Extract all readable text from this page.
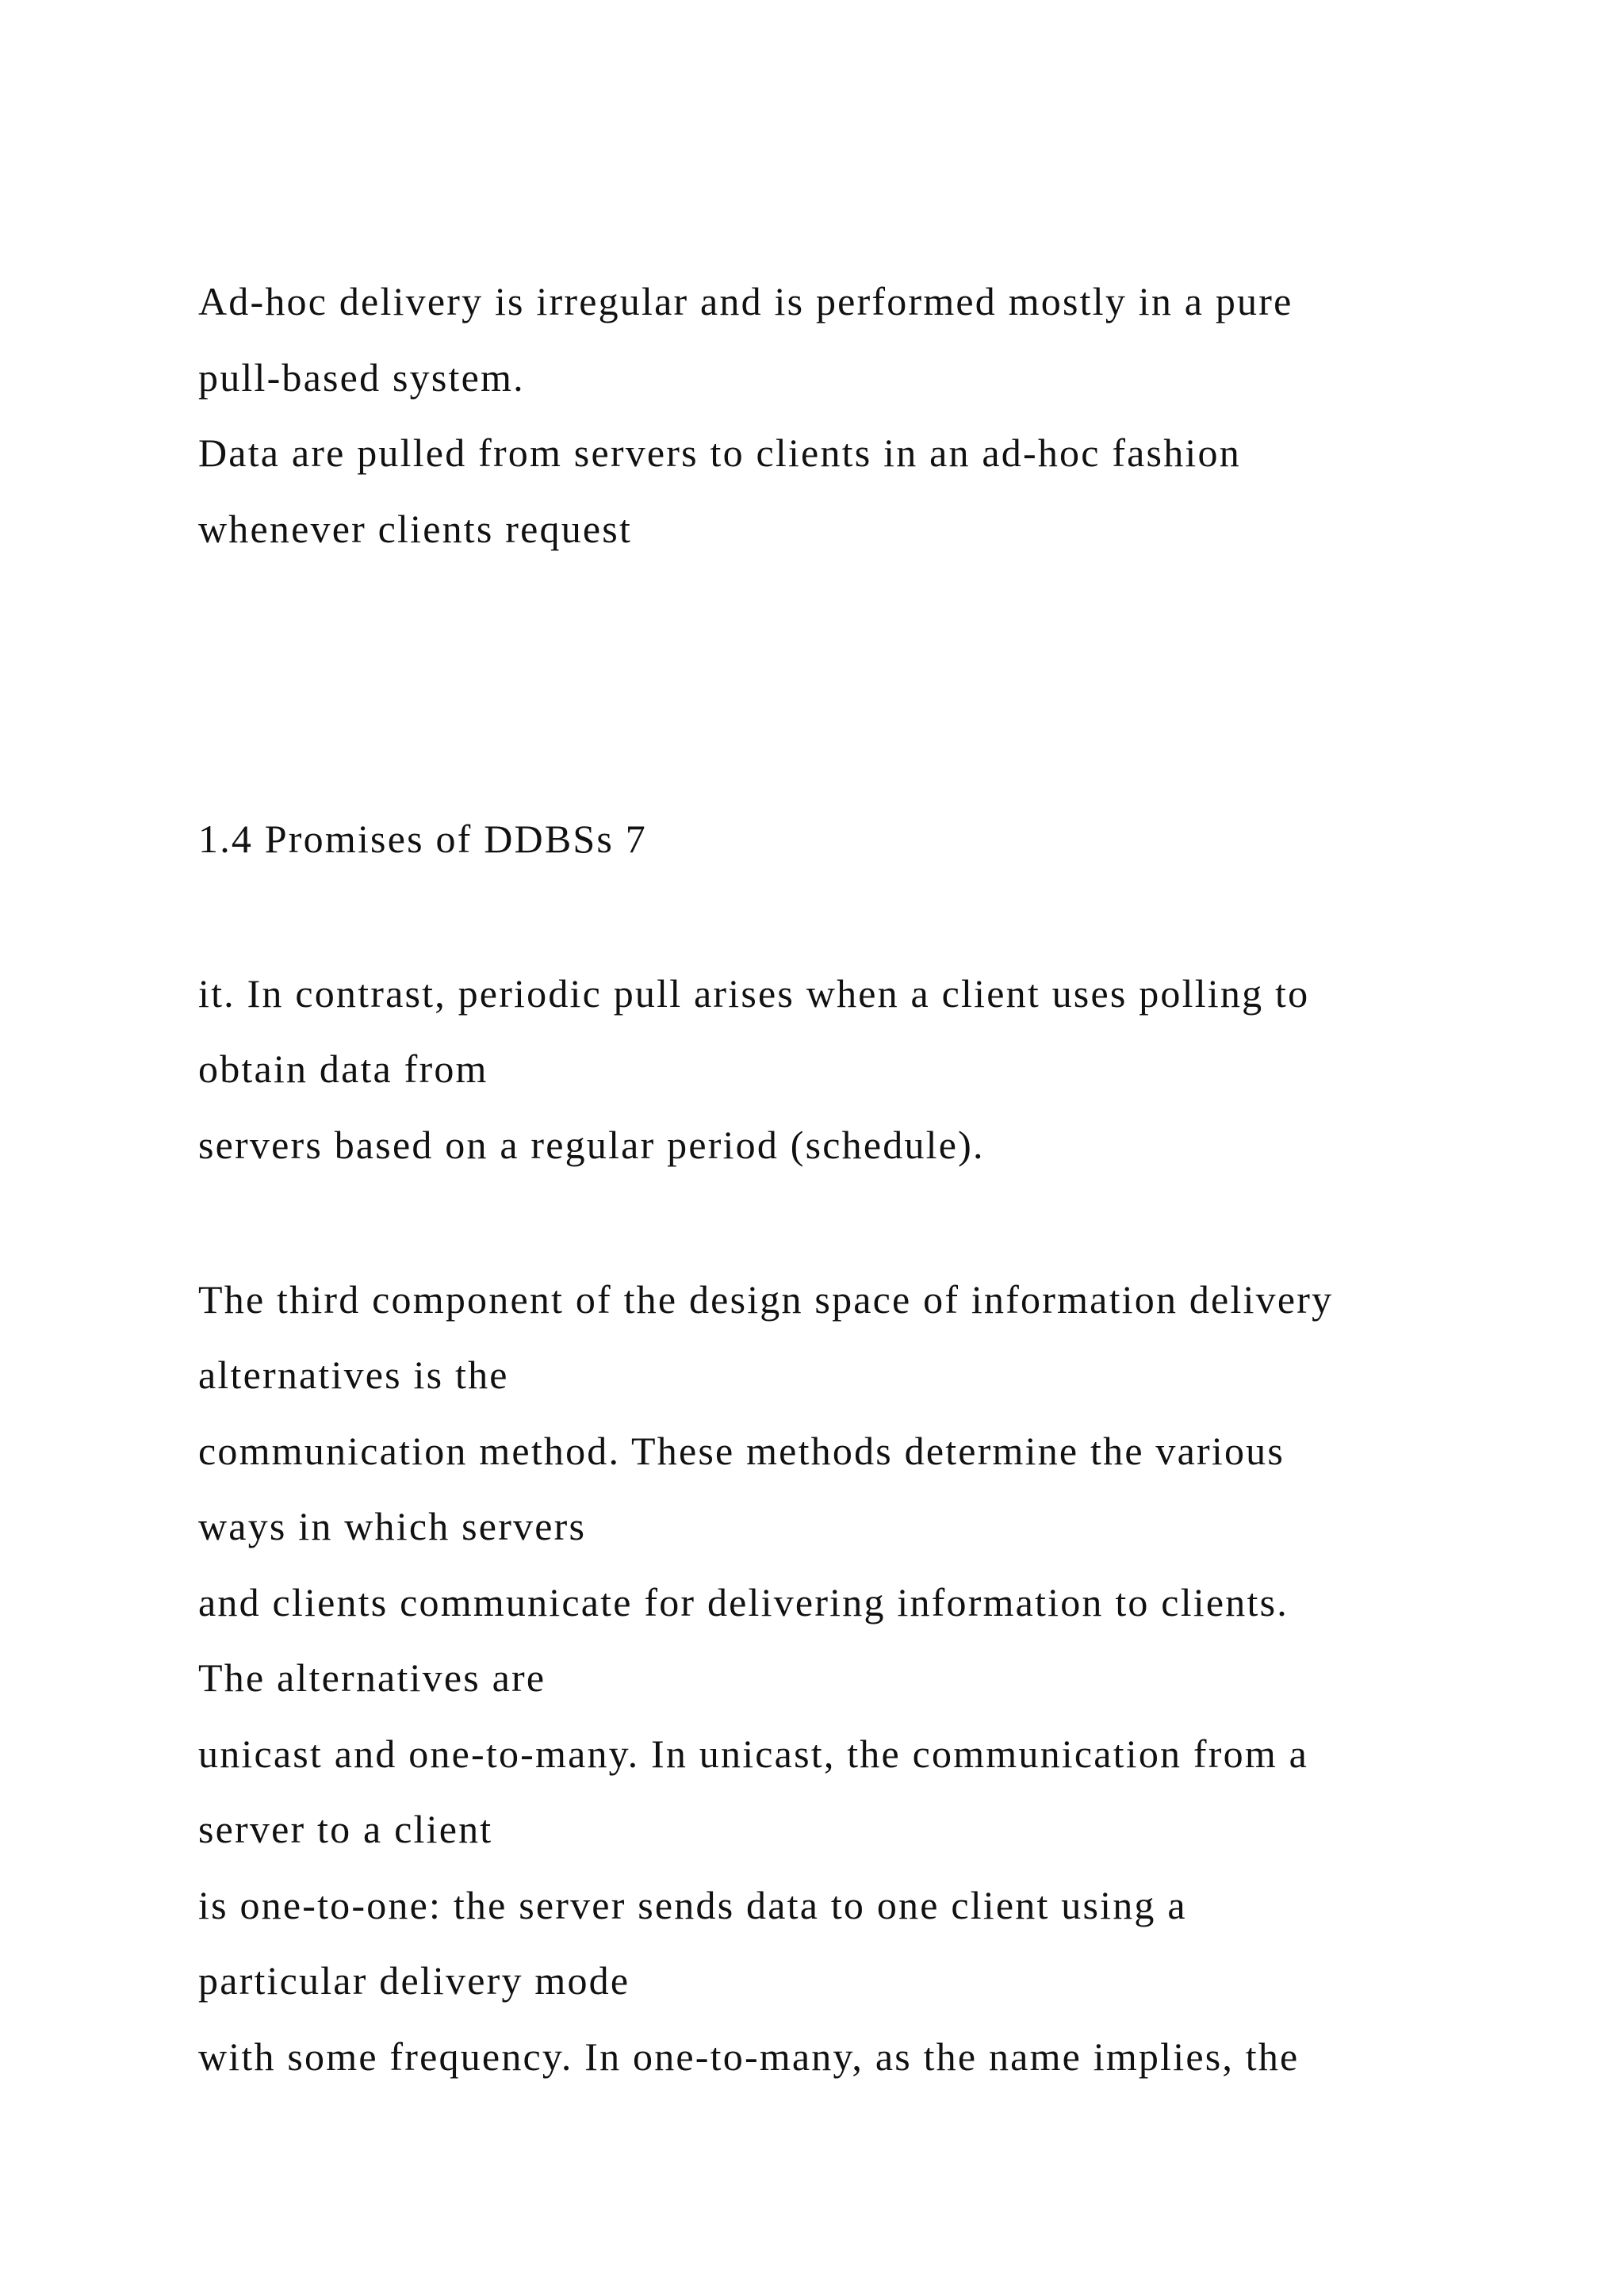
Ad-hoc delivery is irregular and is performed mostly in a pure

pull-based system.

Data are pulled from servers to clients in an ad-hoc fashion

whenever clients request

1.4 Promises of DDBSs 7

it. In contrast, periodic pull arises when a client uses polling to

obtain data from

servers based on a regular period (schedule).

The third component of the design space of information delivery

alternatives is the

communication method. These methods determine the various

ways in which servers

and clients communicate for delivering information to clients.

The alternatives are

unicast and one-to-many. In unicast, the communication from a

server to a client

is one-to-one: the server sends data to one client using a

particular delivery mode

with some frequency. In one-to-many, as the name implies, the
